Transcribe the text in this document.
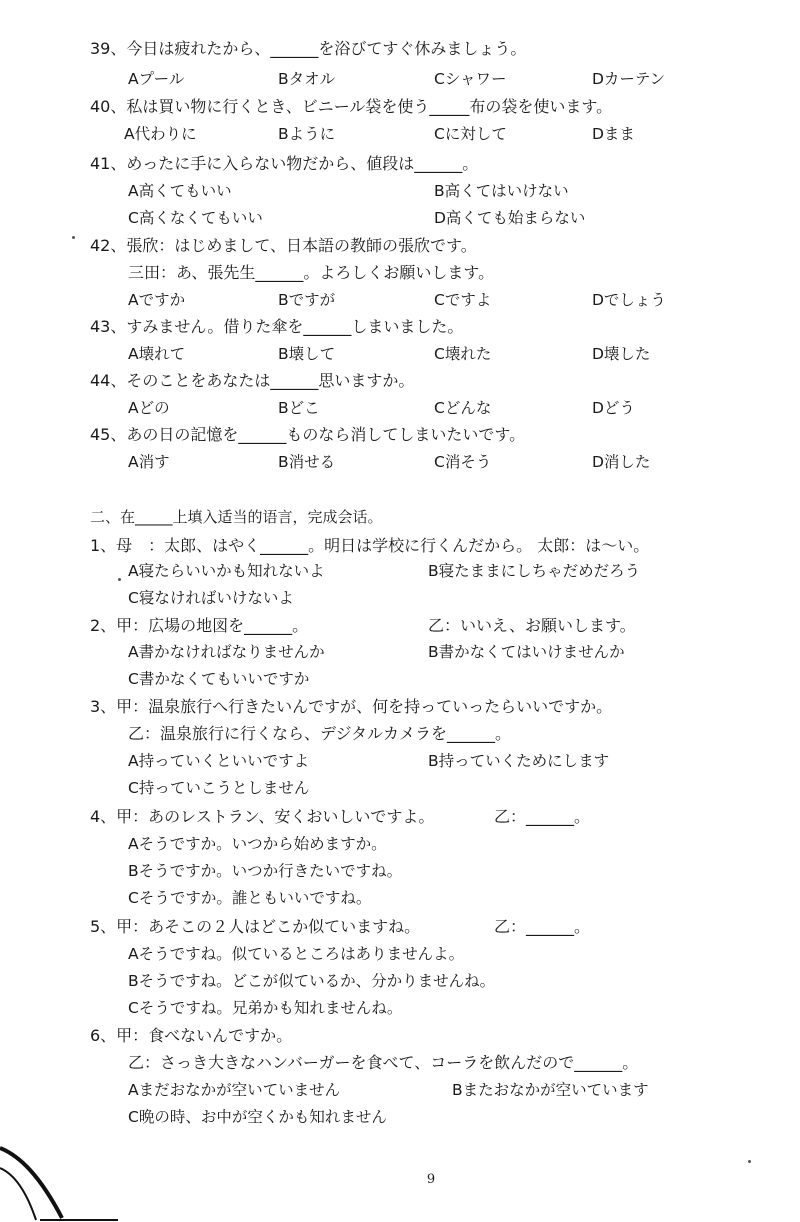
39、今日は疲れたから、______を浴びてすぐ休みましょう。
Aプール	Bタオル	Cシャワー	Dカーテン
40、私は買い物に行くとき、ビニール袋を使う_____布の袋を使います。
A代わりに	Bように	Cに対して	Dまま
41、めったに手に入らない物だから、値段は______。
A高くてもいい	B高くてはいけない
C高くなくてもいい	D高くても始まらない
42、張欣：はじめまして、日本語の教師の張欣です。
三田：あ、張先生______。よろしくお願いします。
Aですか	Bですが	Cですよ	Dでしょう
43、すみません。借りた傘を______しまいました。
A壊れて	B壊して	C壊れた	D壊した
44、そのことをあなたは______思いますか。
Aどの	Bどこ	Cどんな	Dどう
45、あの日の記憶を______ものなら消してしまいたいです。
A消す	B消せる	C消そう	D消した
二、在_____上填入适当的语言，完成会话。
1、母　：太郎、はやく______。明日は学校に行くんだから。 太郎：は〜い。
A寝たらいいかも知れないよ	B寝たままにしちゃだめだろう
C寝なければいけないよ
2、甲：広場の地図を______。	乙：いいえ、お願いします。
A書かなければなりませんか	B書かなくてはいけませんか
C書かなくてもいいですか
3、甲：温泉旅行へ行きたいんですが、何を持っていったらいいですか。
乙：温泉旅行に行くなら、デジタルカメラを______。
A持っていくといいですよ	B持っていくためにします
C持っていこうとしません
4、甲：あのレストラン、安くおいしいですよ。	乙：______。
Aそうですか。いつから始めますか。
Bそうですか。いつか行きたいですね。
Cそうですか。誰ともいいですね。
5、甲：あそこの２人はどこか似ていますね。	乙：______。
Aそうですね。似ているところはありませんよ。
Bそうですね。どこが似ているか、分かりませんね。
Cそうですね。兄弟かも知れませんね。
6、甲：食べないんですか。
乙：さっき大きなハンバーガーを食べて、コーラを飲んだので______。
Aまだおなかが空いていません	Bまたおなかが空いています
C晩の時、お中が空くかも知れません
9
